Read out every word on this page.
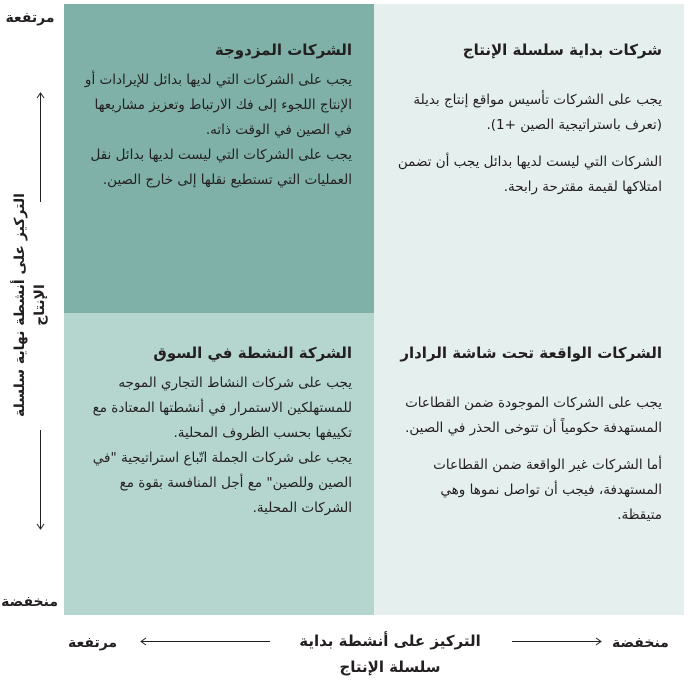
الشركات المزدوجة

يجب على الشركات التي لديها بدائل للإيرادات أو الإنتاج اللجوء إلى فك الارتباط وتعزيز مشاريعها في الصين في الوقت ذاته.

يجب على الشركات التي ليست لديها بدائل نقل العمليات التي تستطيع نقلها إلى خارج الصين.

شركات بداية سلسلة الإنتاج

يجب على الشركات تأسيس مواقع إنتاج بديلة (تعرف باستراتيجية الصين +1).

الشركات التي ليست لديها بدائل يجب أن تضمن امتلاكها لقيمة مقترحة رابحة.

الشركة النشطة في السوق

يجب على شركات النشاط التجاري الموجه للمستهلكين الاستمرار في أنشطتها المعتادة مع تكييفها بحسب الظروف المحلية.

يجب على شركات الجملة اتّباع استراتيجية "في الصين وللصين" مع أجل المنافسة بقوة مع الشركات المحلية.

الشركات الواقعة تحت شاشة الرادار

يجب على الشركات الموجودة ضمن القطاعات المستهدفة حكومياً أن تتوخى الحذر في الصين.

أما الشركات غير الواقعة ضمن القطاعات المستهدفة، فيجب أن تواصل نموها وهي متيقظة.

مرتفعة
التركيز على أنشطة نهاية سلسلة الإنتاج
منخفضة
مرتفعة	التركيز على أنشطة بداية
سلسلة الإنتاج
منخفضة
